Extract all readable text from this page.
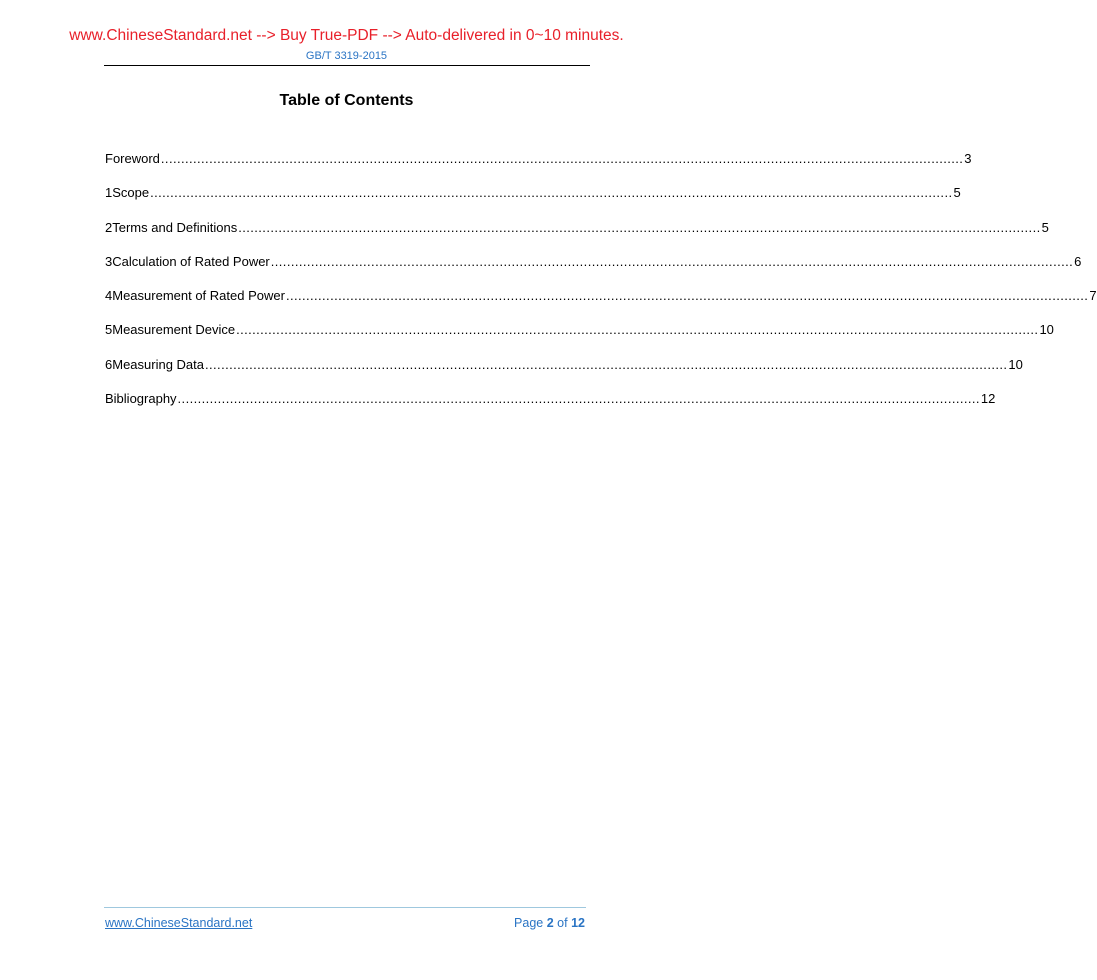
www.ChineseStandard.net --> Buy True-PDF --> Auto-delivered in 0~10 minutes.
GB/T 3319-2015
Table of Contents
Foreword ........................................................................................................................................................................................................ 3
1 Scope ........................................................................................................................................................................................................ 5
2 Terms and Definitions ........................................................................................................................................................................................................ 5
3 Calculation of Rated Power ........................................................................................................................................................................................................ 6
4 Measurement of Rated Power ........................................................................................................................................................................................................ 7
5 Measurement Device ........................................................................................................................................................................................................ 10
6 Measuring Data ........................................................................................................................................................................................................ 10
Bibliography ........................................................................................................................................................................................................ 12
www.ChineseStandard.net	Page 2 of 12
